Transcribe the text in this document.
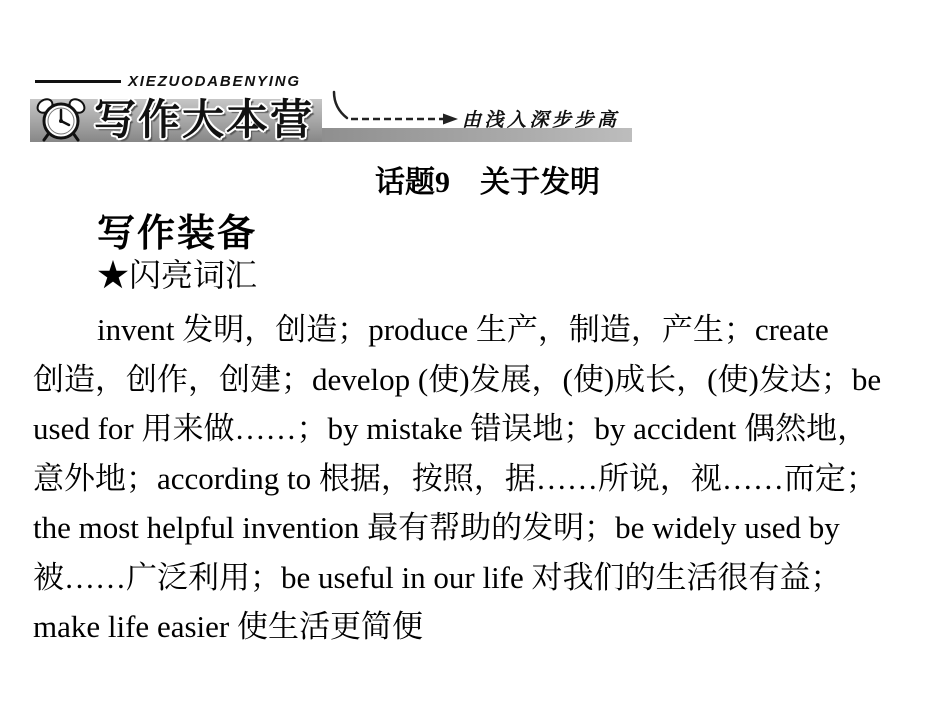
XIEZUODABENYING
写作大本营	由浅入深步步高
话题9　关于发明
写作装备
★闪亮词汇
invent 发明，创造；produce 生产，制造，产生；create
创造，创作，创建；develop (使)发展，(使)成长，(使)发达；be
used for 用来做……；by mistake 错误地；by accident 偶然地，
意外地；according to 根据，按照，据……所说，视……而定；
the most helpful invention 最有帮助的发明；be widely used by
被……广泛利用；be useful in our life 对我们的生活很有益；
make life easier 使生活更简便
